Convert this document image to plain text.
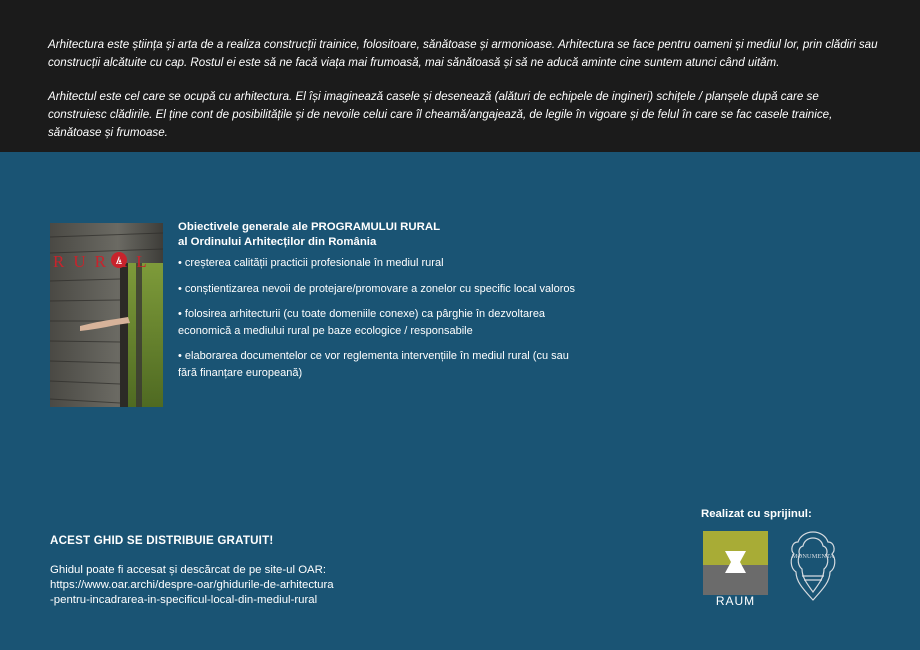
Arhitectura este știința și arta de a realiza construcții trainice, folositoare, sănătoase și armonioase. Arhitectura se face pentru oameni și mediul lor, prin clădiri sau construcții alcătuite cu cap. Rostul ei este să ne facă viața mai frumoasă, mai sănătoasă și să ne aducă aminte cine suntem atunci când uităm.

Arhitectul este cel care se ocupă cu arhitectura. El își imaginează casele și desenează (alături de echipele de ingineri) schițele / planșele după care se construiesc clădirile. El ține cont de posibilitățile și de nevoile celui care îl cheamă/angajează, de legile în vigoare și de felul în care se fac casele trainice, sănătoase și frumoase.

RURAL
Obiectivele generale ale PROGRAMULUI RURAL
al Ordinului Arhitecților din România

• creșterea calității practicii profesionale în mediul rural

• conștientizarea nevoii de protejare/promovare a zonelor cu specific local valoros

• folosirea arhitecturii (cu toate domeniile conexe) ca pârghie în dezvoltarea economică a mediului rural pe baze ecologice / responsabile

• elaborarea documentelor ce vor reglementa intervențiile în mediul rural (cu sau fără finanțare europeană)

ACEST GHID SE DISTRIBUIE GRATUIT!
Ghidul poate fi accesat și descărcat de pe site-ul OAR:
https://www.oar.archi/despre-oar/ghidurile-de-arhitectura
-pentru-incadrarea-in-specificul-local-din-mediul-rural
Realizat cu sprijinul:
RAUM
MONUMENTA
